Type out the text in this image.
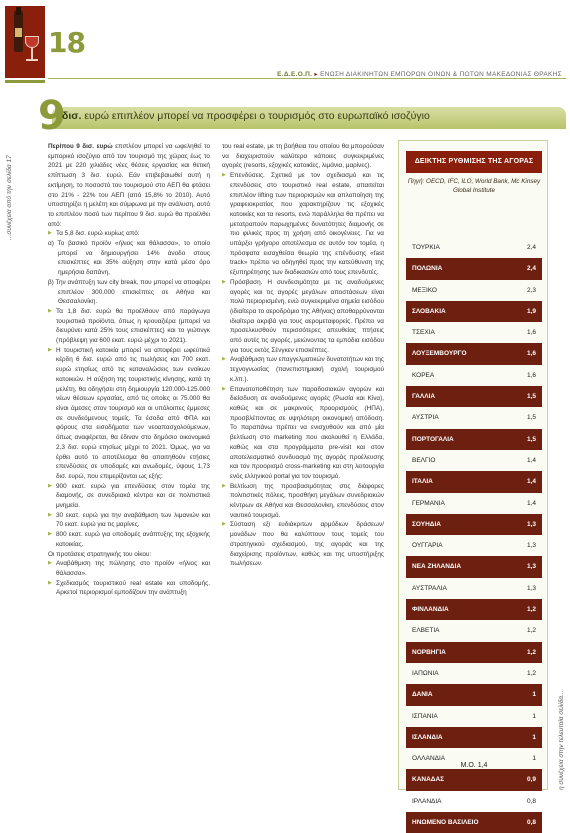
18
Ε.Δ.Ε.Ο.Π. ▸ ΕΝΩΣΗ ΔΙΑΚΙΝΗΤΩΝ ΕΜΠΟΡΩΝ ΟΙΝΩΝ & ΠΟΤΩΝ ΜΑΚΕΔΟΝΙΑΣ ΘΡΑΚΗΣ
...συνέχεια από την σελίδα 17
η συνέχεια στην τελευταία σελίδα...
9
δισ. ευρώ επιπλέον μπορεί να προσφέρει ο τουρισμός στο ευρωπαϊκό ισοζύγιο

Περίπου 9 δισ. ευρώ επιπλέον μπορεί να ωφεληθεί το εμπορικό ισοζύγιο από τον τουρισμό της χώρας έως το 2021 με 220 χιλιάδες νέες θέσεις εργασίας και θετική επίπτωση 3 δισ. ευρώ. Εάν επιβεβαιωθεί αυτή η εκτίμηση, το ποσοστό του τουρισμού στο ΑΕΠ θα φτάσει στο 21% - 22% του ΑΕΠ (από 15,8% το 2010). Αυτό υποστηρίζει η μελέτη και σύμφωνα με την ανάλυση, αυτό το επιπλέον ποσό των περίπου 9 δισ. ευρώ θα προέλθει από:

▶ Τα 5,8 δισ. ευρώ κυρίως από:

α) Το βασικό προϊόν «ήλιος και θάλασσα», το οποίο μπορεί να δημιουργήσει 14% άνοδο στους επισκέπτες και 35% αύξηση στην κατά μέσο όρο ημερήσια δαπάνη,

β) Την ανάπτυξη των city break, που μπορεί να αποφέρει επιπλέον 300.000 επισκέπτες σε Αθήνα και Θεσσαλονίκη.

▶ Τα 1,8 δισ. ευρώ θα προέλθουν από παράγωγα τουριστικά προϊόντα, όπως η κρουαζιέρα (μπορεί να διευρύνει κατά 25% τους επισκέπτες) και το γιώτινγκ (πρόβλεψη για 600 εκατ. ευρώ μέχρι το 2021).

▶ Η τουριστική κατοικία μπορεί να αποφέρει ωφεύτικά κέρδη 6 δισ. ευρώ από τις πωλήσεις και 700 εκατ. ευρώ ετησίως από τις καταναλώσεις των ενοίκων κατοικιών. Η αύξηση της τουριστικής κίνησης, κατά τη μελέτη, θα οδηγήσει στη δημιουργία 120.000-125.000 νέων θέσεων εργασίας, από τις οποίες οι 75.000 θα είναι άμεσες στον τουρισμό και οι υπόλοιπες έμμεσες σε συνδεόμενους τομείς. Τα έσοδα από ΦΠΑ και φόρους στα εισοδήματα των νεοαπασχολούμενων, όπως αναφέρεται, θα έδιναν στο δημόσιο οικονομικά 2,3 δισ. ευρώ ετησίως μέχρι το 2021. Όμως, για να έρθει αυτό το αποτέλεσμα θα απαιτηθούν ετήσιες επενδύσεις σε υποδομές και ανωδομές, ύψους 1,73 δισ. ευρώ, που επιμερίζονται ως εξής:

▶ 900 εκατ. ευρώ για επενδύσεις στον τομέα της διαμονής, σε συνεδριακά κέντρα και σε πολιτιστικά μνημεία.

▶ 30 εκατ. ευρώ για την αναβάθμιση των λιμανιών και 70 εκατ. ευρώ για τις μαρίνες.

▶ 800 εκατ. ευρώ για υποδομές ανάπτυξης της εξοχικής κατοικίας.

Οι προτάσεις στρατηγικής του οίκου:

▶ Αναβάθμιση της πώλησης στο προϊόν «ήλιος και θάλασσα».

▶ Σχεδιασμός τουριστικού real estate και υποδομής. Αρκετοί περιορισμοί εμποδίζουν την ανάπτυξη

του real estate, με τη βοήθεια του οποίου θα μπορούσαν να διαχειριστούν καλύτερα κάποιες συγκεκριμένες αγορές (resorts, εξοχικές κατοικίες, λιμάνια, μαρίνες).

▶ Επενδύσεις. Σχετικά με τον σχεδιασμό και τις επενδύσεις στο τουριστικό real estate, απαιτείται επιπλέον lifting των περιορισμών και απλοποίηση της γραφειοκρατίας που χαρακτηρίζουν τις εξοχικές κατοικίες και τα resorts, ενώ παράλληλα θα πρέπει να μετατραπούν παρωχημένες δυνατότητες διαμονής σε πιο φιλικές προς τη χρήση από οικογένειες. Για να υπάρξει γρήγορο αποτέλεσμα σε αυτόν τον τομέα, η πρόσφατα εισαχθείσα θεωρία της επένδυσης «fast track» πρέπει να οδηγηθεί προς την κατεύθυνση της εξυπηρέτησης των διαδικασιών από τους επενδυτές.

▶ Πρόσβαση. Η συνδεσιμότητα με τις αναδυόμενες αγορές και τις αγορές μεγάλων αποστάσεων είναι πολύ περιορισμένη, ενώ συγκεκριμένα σημεία εισόδου (ιδιαίτερα το αεροδρόμιο της Αθήνας) αποθαρρύνονται ιδιαίτερα ακριβά για τους αερομεταφορείς. Πρέπει να προσελκυσθούν περισσότερες απευθείας πτήσεις από αυτές τις αγορές, μειώνοντας τα εμπόδια εισόδου για τους εκτός Σένγκεν επισκέπτες.

▶ Αναβάθμιση των επαγγελματικών δυνατοτήτων και της τεχνογνωσίας (πανεπιστημιακή σχολή τουρισμού κ.λπ.).

▶ Επανατοποθέτηση των παραδοσιακών αγορών και διείσδυση σε αναδυόμενες αγορές (Ρωσία και Κίνα), καθώς και σε μακρινούς προορισμούς (ΗΠΑ), προσβλέποντας σε υψηλότερη οικονομική απόδοση. Το παραπάνω πρέπει να ενισχυθούν και από μία βελτίωση στο marketing που ακολουθεί η Ελλάδα, καθώς και στα προγράμματα pre-visit και στον αποτελεσματικό συνδυασμό της αγοράς προέλευσης και τον προορισμό cross-marketing και στη λειτουργία ενός ελληνικού portal για τον τουρισμό.

▶ Βελτίωση της προσβασιμότητας στις διάφορες πολιτιστικές πόλεις, προσθήκη μεγάλων συνεδριακών κέντρων σε Αθήνα και Θεσσαλονίκη, επενδύσεις στον ναυτικό τουρισμό.

▶ Σύσταση εξι ευδιάκριτων αρμόδιων δράσεων/μονάδων που θα καλύπτουν τους τομείς του στρατηγικού σχεδιασμού, της αγοράς και της διαχείρισης προϊόντων, καθώς και της υποστήριξης πωλήσεων.

ΔΕΙΚΤΗΣ ΡΥΘΜΙΣΗΣ ΤΗΣ ΑΓΟΡΑΣ
Πηγή: OECD, IFC, ILO, World Bank, Mc Kinsey Global Institute
ΤΟΥΡΚΙΑ	2,4
ΠΟΛΩΝΙΑ	2,4
ΜΕΞΙΚΟ	2,3
ΣΛΟΒΑΚΙΑ	1,9
ΤΣΕΧΙΑ	1,6
ΛΟΥΞΕΜΒΟΥΡΓΟ	1,6
ΚΟΡΕΑ	1,6
ΓΑΛΛΙΑ	1,5
ΑΥΣΤΡΙΑ	1,5
ΠΟΡΤΟΓΑΛΙΑ	1,5
ΒΕΛΓΙΟ	1,4
ΙΤΑΛΙΑ	1,4
ΓΕΡΜΑΝΙΑ	1,4
ΣΟΥΗΔΙΑ	1,3
ΟΥΓΓΑΡΙΑ	1,3
ΝΕΑ ΖΗΛΑΝΔΙΑ	1,3
ΑΥΣΤΡΑΛΙΑ	1,3
ΦΙΝΛΑΝΔΙΑ	1,2
ΕΛΒΕΤΙΑ	1,2
ΝΟΡΒΗΓΙΑ	1,2
ΙΑΠΩΝΙΑ	1,2
ΔΑΝΙΑ	1
ΙΣΠΑΝΙΑ	1
ΙΣΛΑΝΔΙΑ	1
ΟΛΛΑΝΔΙΑ	1
ΚΑΝΑΔΑΣ	0,9
ΙΡΛΑΝΔΙΑ	0,8
ΗΝΩΜΕΝΟ ΒΑΣΙΛΕΙΟ	0,8
Μ.Ο. 1,4
